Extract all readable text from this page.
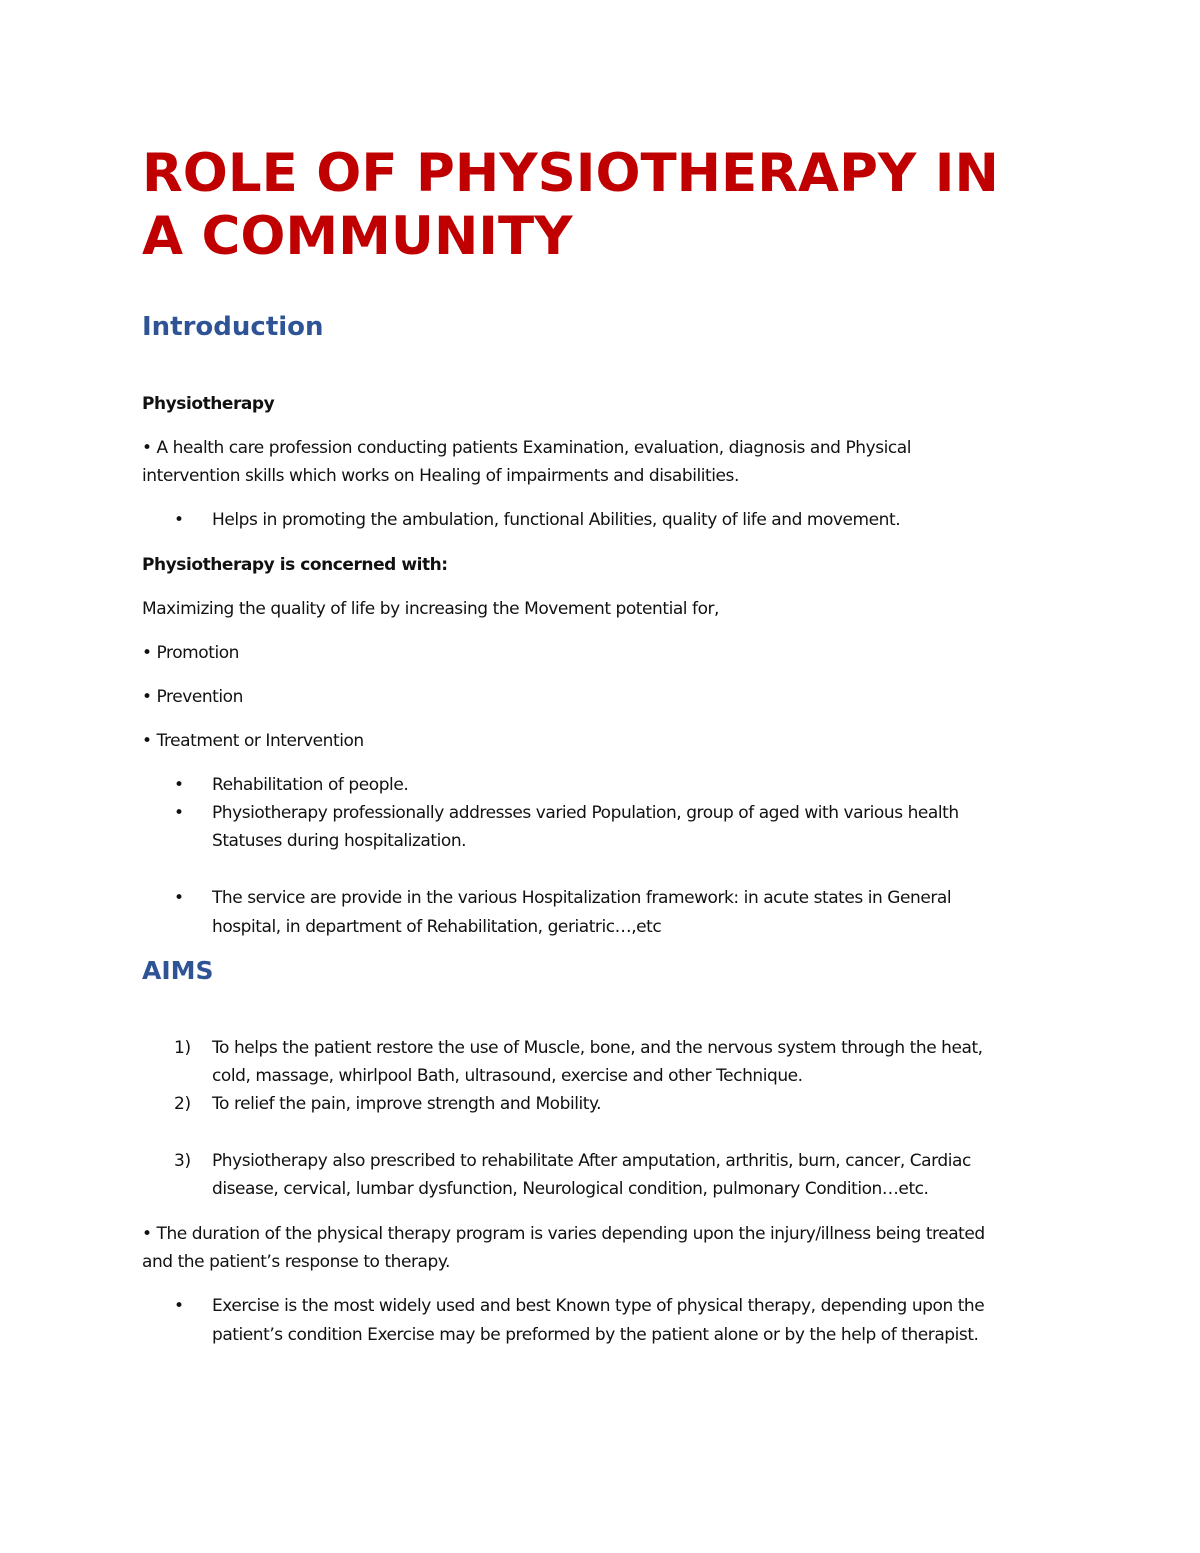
ROLE OF PHYSIOTHERAPY IN
A COMMUNITY
Introduction
Physiotherapy
• A health care profession conducting patients Examination, evaluation, diagnosis and Physical
intervention skills which works on Healing of impairments and disabilities.
• Helps in promoting the ambulation, functional Abilities, quality of life and movement.
Physiotherapy is concerned with:
Maximizing the quality of life by increasing the Movement potential for,
• Promotion
• Prevention
• Treatment or Intervention
• Rehabilitation of people.
• Physiotherapy professionally addresses varied Population, group of aged with various health
Statuses during hospitalization.
• The service are provide in the various Hospitalization framework: in acute states in General
hospital, in department of Rehabilitation, geriatric…,etc
AIMS
1) To helps the patient restore the use of Muscle, bone, and the nervous system through the heat,
cold, massage, whirlpool Bath, ultrasound, exercise and other Technique.
2) To relief the pain, improve strength and Mobility.
3) Physiotherapy also prescribed to rehabilitate After amputation, arthritis, burn, cancer, Cardiac
disease, cervical, lumbar dysfunction, Neurological condition, pulmonary Condition…etc.
• The duration of the physical therapy program is varies depending upon the injury/illness being treated
and the patient’s response to therapy.
• Exercise is the most widely used and best Known type of physical therapy, depending upon the
patient’s condition Exercise may be preformed by the patient alone or by the help of therapist.
